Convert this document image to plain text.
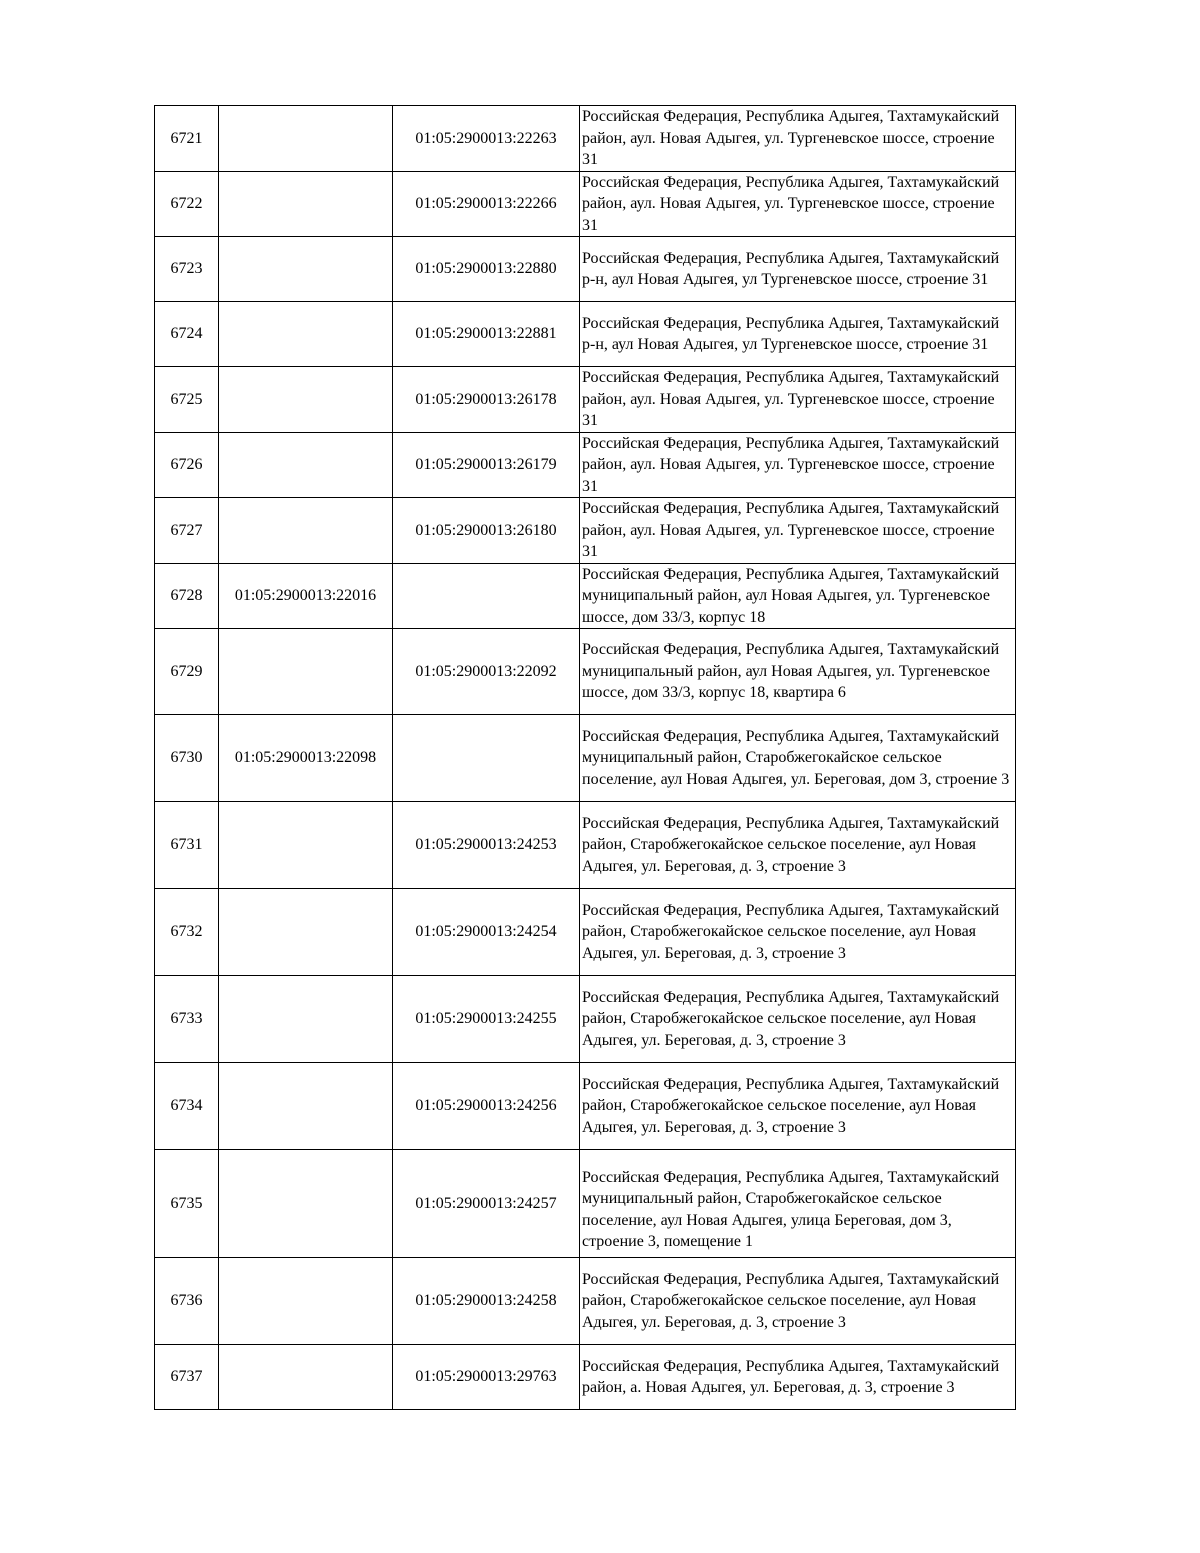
6721		01:05:2900013:22263	Российская Федерация, Республика Адыгея, Тахтамукайский район, аул. Новая Адыгея, ул. Тургеневское шоссе, строение 31
6722		01:05:2900013:22266	Российская Федерация, Республика Адыгея, Тахтамукайский район, аул. Новая Адыгея, ул. Тургеневское шоссе, строение 31
6723		01:05:2900013:22880	Российская Федерация, Республика Адыгея, Тахтамукайский р-н, аул Новая Адыгея, ул Тургеневское шоссе, строение 31
6724		01:05:2900013:22881	Российская Федерация, Республика Адыгея, Тахтамукайский р-н, аул Новая Адыгея, ул Тургеневское шоссе, строение 31
6725		01:05:2900013:26178	Российская Федерация, Республика Адыгея, Тахтамукайский район, аул. Новая Адыгея, ул. Тургеневское шоссе, строение 31
6726		01:05:2900013:26179	Российская Федерация, Республика Адыгея, Тахтамукайский район, аул. Новая Адыгея, ул. Тургеневское шоссе, строение 31
6727		01:05:2900013:26180	Российская Федерация, Республика Адыгея, Тахтамукайский район, аул. Новая Адыгея, ул. Тургеневское шоссе, строение 31
6728	01:05:2900013:22016		Российская Федерация, Республика Адыгея, Тахтамукайский муниципальный район, аул Новая Адыгея, ул. Тургеневское шоссе, дом 33/3, корпус 18
6729		01:05:2900013:22092	Российская Федерация, Республика Адыгея, Тахтамукайский муниципальный район, аул Новая Адыгея, ул. Тургеневское шоссе, дом 33/3, корпус 18, квартира 6
6730	01:05:2900013:22098		Российская Федерация, Республика Адыгея, Тахтамукайский муниципальный район, Старобжегокайское сельское поселение, аул Новая Адыгея, ул. Береговая, дом 3, строение 3
6731		01:05:2900013:24253	Российская Федерация, Республика Адыгея, Тахтамукайский район, Старобжегокайское сельское поселение, аул Новая Адыгея, ул. Береговая, д. 3, строение 3
6732		01:05:2900013:24254	Российская Федерация, Республика Адыгея, Тахтамукайский район, Старобжегокайское сельское поселение, аул Новая Адыгея, ул. Береговая, д. 3, строение 3
6733		01:05:2900013:24255	Российская Федерация, Республика Адыгея, Тахтамукайский район, Старобжегокайское сельское поселение, аул Новая Адыгея, ул. Береговая, д. 3, строение 3
6734		01:05:2900013:24256	Российская Федерация, Республика Адыгея, Тахтамукайский район, Старобжегокайское сельское поселение, аул Новая Адыгея, ул. Береговая, д. 3, строение 3
6735		01:05:2900013:24257	Российская Федерация, Республика Адыгея, Тахтамукайский муниципальный район, Старобжегокайское сельское поселение, аул Новая Адыгея, улица Береговая, дом 3, строение 3, помещение 1
6736		01:05:2900013:24258	Российская Федерация, Республика Адыгея, Тахтамукайский район, Старобжегокайское сельское поселение, аул Новая Адыгея, ул. Береговая, д. 3, строение 3
6737		01:05:2900013:29763	Российская Федерация, Республика Адыгея, Тахтамукайский район, а. Новая Адыгея, ул. Береговая, д. 3, строение 3
